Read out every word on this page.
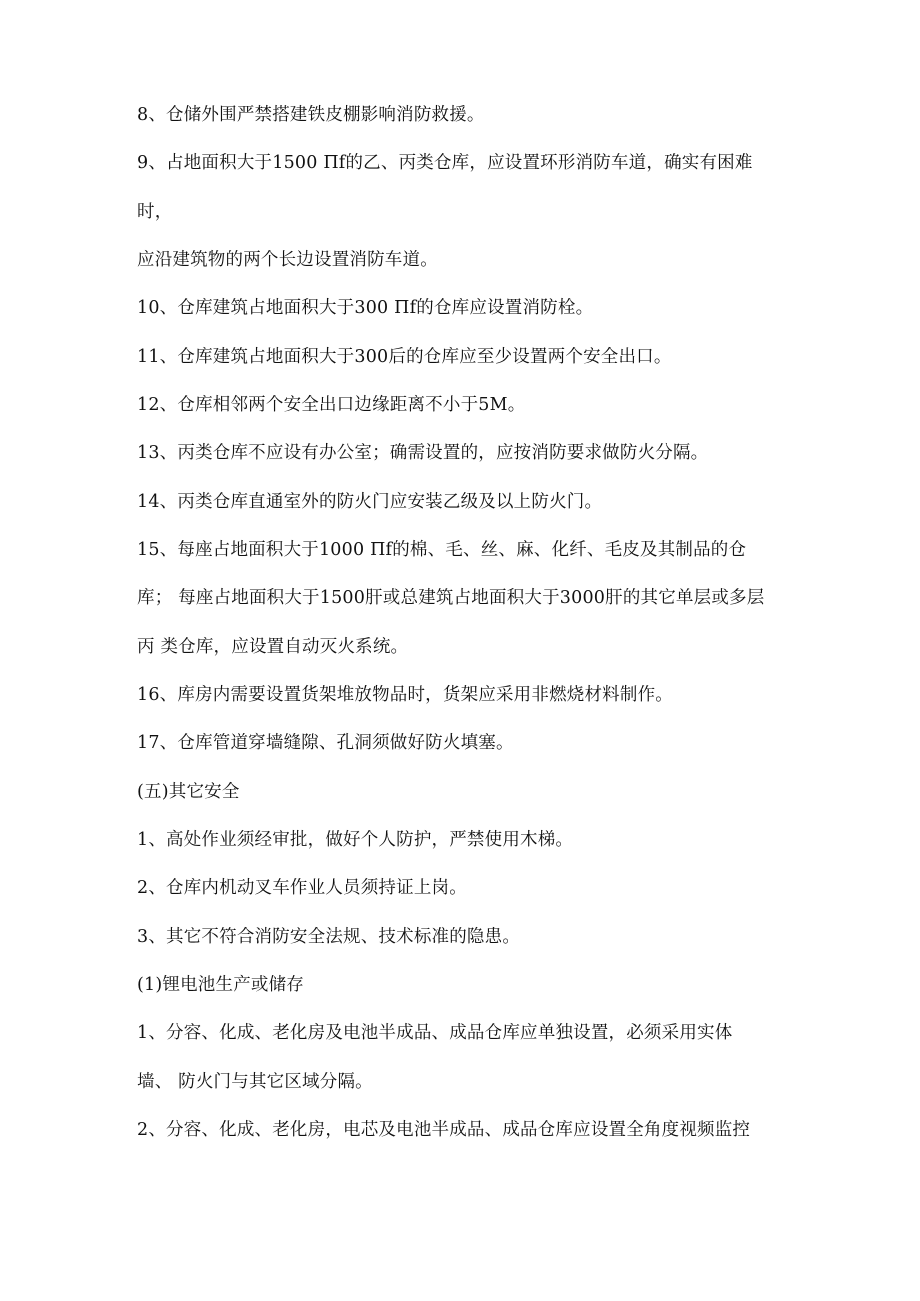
8、仓储外围严禁搭建铁皮棚影响消防救援。
9、占地面积大于1500 Πf的乙、丙类仓库，应设置环形消防车道，确实有困难
时，
应沿建筑物的两个长边设置消防车道。
10、仓库建筑占地面积大于300 Πf的仓库应设置消防栓。
11、仓库建筑占地面积大于300后的仓库应至少设置两个安全出口。
12、仓库相邻两个安全出口边缘距离不小于5M。
13、丙类仓库不应设有办公室；确需设置的，应按消防要求做防火分隔。
14、丙类仓库直通室外的防火门应安装乙级及以上防火门。
15、每座占地面积大于1000 Πf的棉、毛、丝、麻、化纤、毛皮及其制品的仓
库； 每座占地面积大于1500肝或总建筑占地面积大于3000肝的其它单层或多层
丙 类仓库，应设置自动灭火系统。
16、库房内需要设置货架堆放物品时，货架应采用非燃烧材料制作。
17、仓库管道穿墙缝隙、孔洞须做好防火填塞。
(五)其它安全
1、高处作业须经审批，做好个人防护，严禁使用木梯。
2、仓库内机动叉车作业人员须持证上岗。
3、其它不符合消防安全法规、技术标准的隐患。
(1)锂电池生产或储存
1、分容、化成、老化房及电池半成品、成品仓库应单独设置，必须采用实体
墙、 防火门与其它区域分隔。
2、分容、化成、老化房，电芯及电池半成品、成品仓库应设置全角度视频监控
